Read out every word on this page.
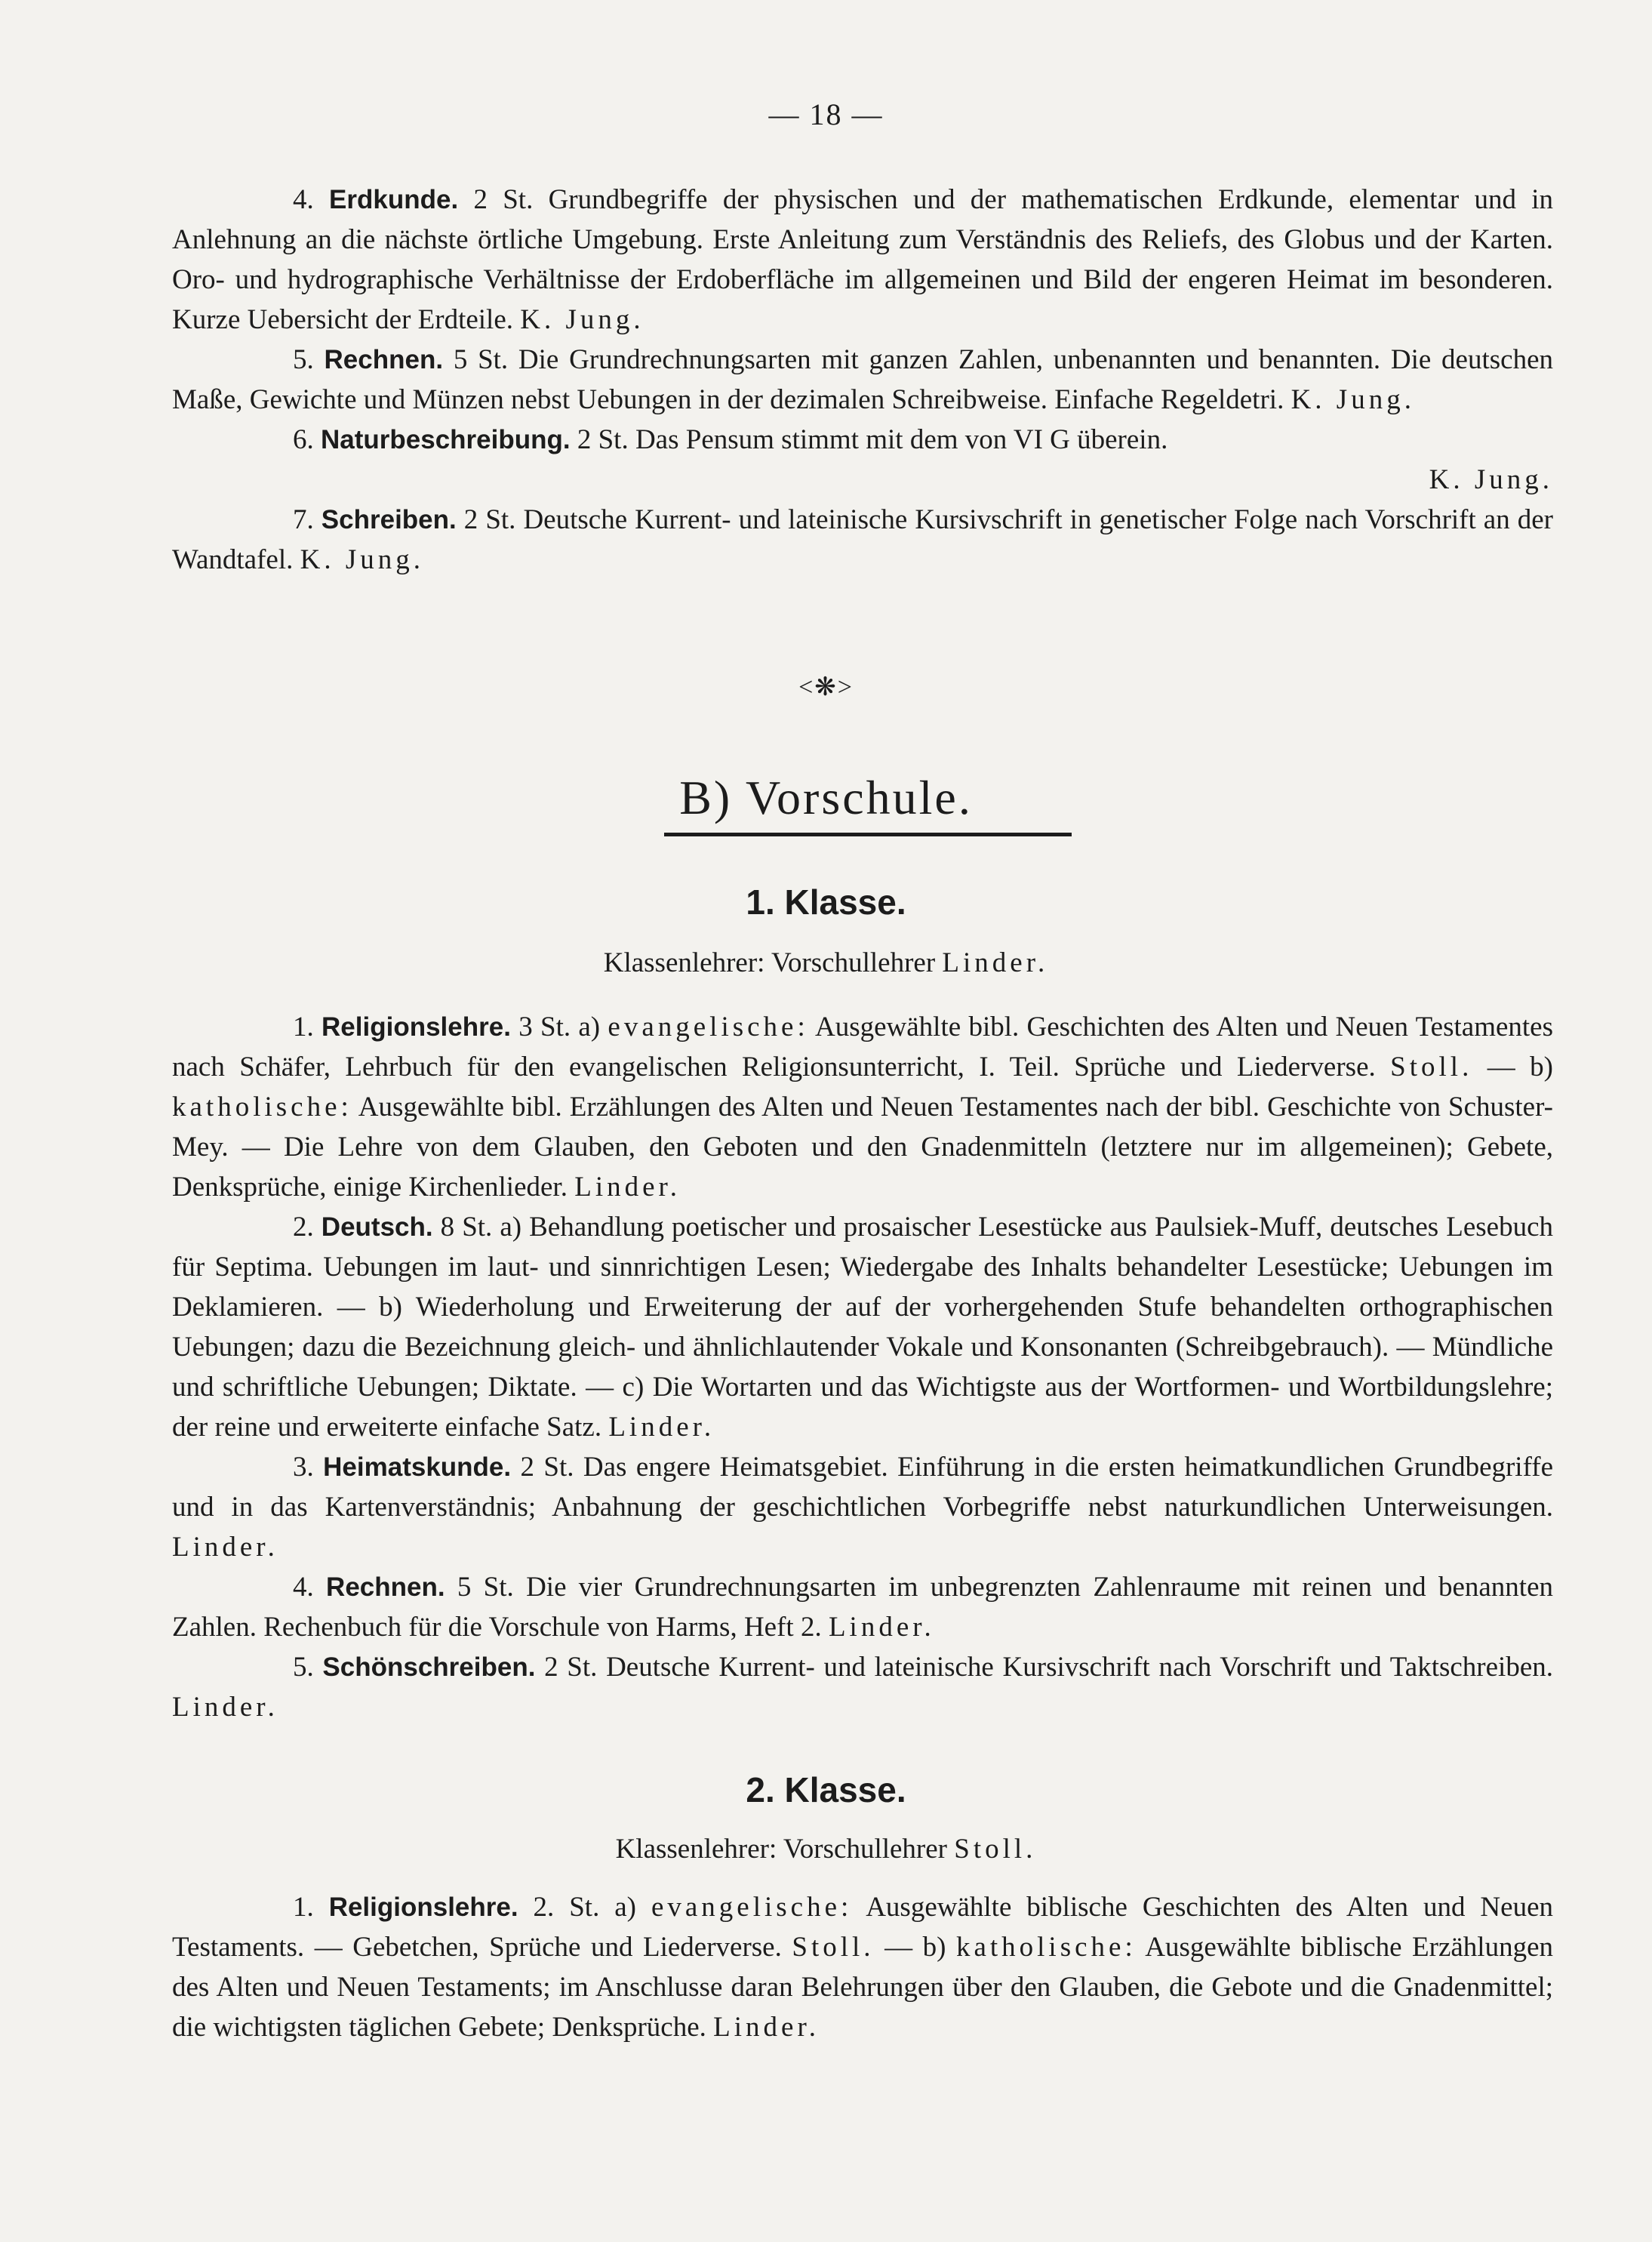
— 18 —

4. Erdkunde. 2 St. Grundbegriffe der physischen und der mathematischen Erdkunde, elementar und in Anlehnung an die nächste örtliche Umgebung. Erste Anleitung zum Verständnis des Reliefs, des Globus und der Karten. Oro- und hydrographische Verhältnisse der Erdoberfläche im allgemeinen und Bild der engeren Heimat im besonderen. Kurze Uebersicht der Erdteile. K. Jung.

5. Rechnen. 5 St. Die Grundrechnungsarten mit ganzen Zahlen, unbenannten und benannten. Die deutschen Maße, Gewichte und Münzen nebst Uebungen in der dezimalen Schreibweise. Einfache Regeldetri. K. Jung.

6. Naturbeschreibung. 2 St. Das Pensum stimmt mit dem von VI G überein.

K. Jung.

7. Schreiben. 2 St. Deutsche Kurrent- und lateinische Kursivschrift in genetischer Folge nach Vorschrift an der Wandtafel. K. Jung.

<❋>
B) Vorschule.
1. Klasse.
Klassenlehrer: Vorschullehrer Linder.

1. Religionslehre. 3 St. a) evangelische: Ausgewählte bibl. Geschichten des Alten und Neuen Testamentes nach Schäfer, Lehrbuch für den evangelischen Religionsunterricht, I. Teil. Sprüche und Liederverse. Stoll. — b) katholische: Ausgewählte bibl. Erzählungen des Alten und Neuen Testamentes nach der bibl. Geschichte von Schuster-Mey. — Die Lehre von dem Glauben, den Geboten und den Gnadenmitteln (letztere nur im allgemeinen); Gebete, Denksprüche, einige Kirchenlieder. Linder.

2. Deutsch. 8 St. a) Behandlung poetischer und prosaischer Lesestücke aus Paulsiek-Muff, deutsches Lesebuch für Septima. Uebungen im laut- und sinnrichtigen Lesen; Wiedergabe des Inhalts behandelter Lesestücke; Uebungen im Deklamieren. — b) Wiederholung und Erweiterung der auf der vorhergehenden Stufe behandelten orthographischen Uebungen; dazu die Bezeichnung gleich- und ähnlichlautender Vokale und Konsonanten (Schreibgebrauch). — Mündliche und schriftliche Uebungen; Diktate. — c) Die Wortarten und das Wichtigste aus der Wortformen- und Wortbildungslehre; der reine und erweiterte einfache Satz. Linder.

3. Heimatskunde. 2 St. Das engere Heimatsgebiet. Einführung in die ersten heimatkundlichen Grundbegriffe und in das Kartenverständnis; Anbahnung der geschichtlichen Vorbegriffe nebst naturkundlichen Unterweisungen. Linder.

4. Rechnen. 5 St. Die vier Grundrechnungsarten im unbegrenzten Zahlenraume mit reinen und benannten Zahlen. Rechenbuch für die Vorschule von Harms, Heft 2. Linder.

5. Schönschreiben. 2 St. Deutsche Kurrent- und lateinische Kursivschrift nach Vorschrift und Taktschreiben. Linder.

2. Klasse.
Klassenlehrer: Vorschullehrer Stoll.

1. Religionslehre. 2. St. a) evangelische: Ausgewählte biblische Geschichten des Alten und Neuen Testaments. — Gebetchen, Sprüche und Liederverse. Stoll. — b) katholische: Ausgewählte biblische Erzählungen des Alten und Neuen Testaments; im Anschlusse daran Belehrungen über den Glauben, die Gebote und die Gnadenmittel; die wichtigsten täglichen Gebete; Denksprüche. Linder.
